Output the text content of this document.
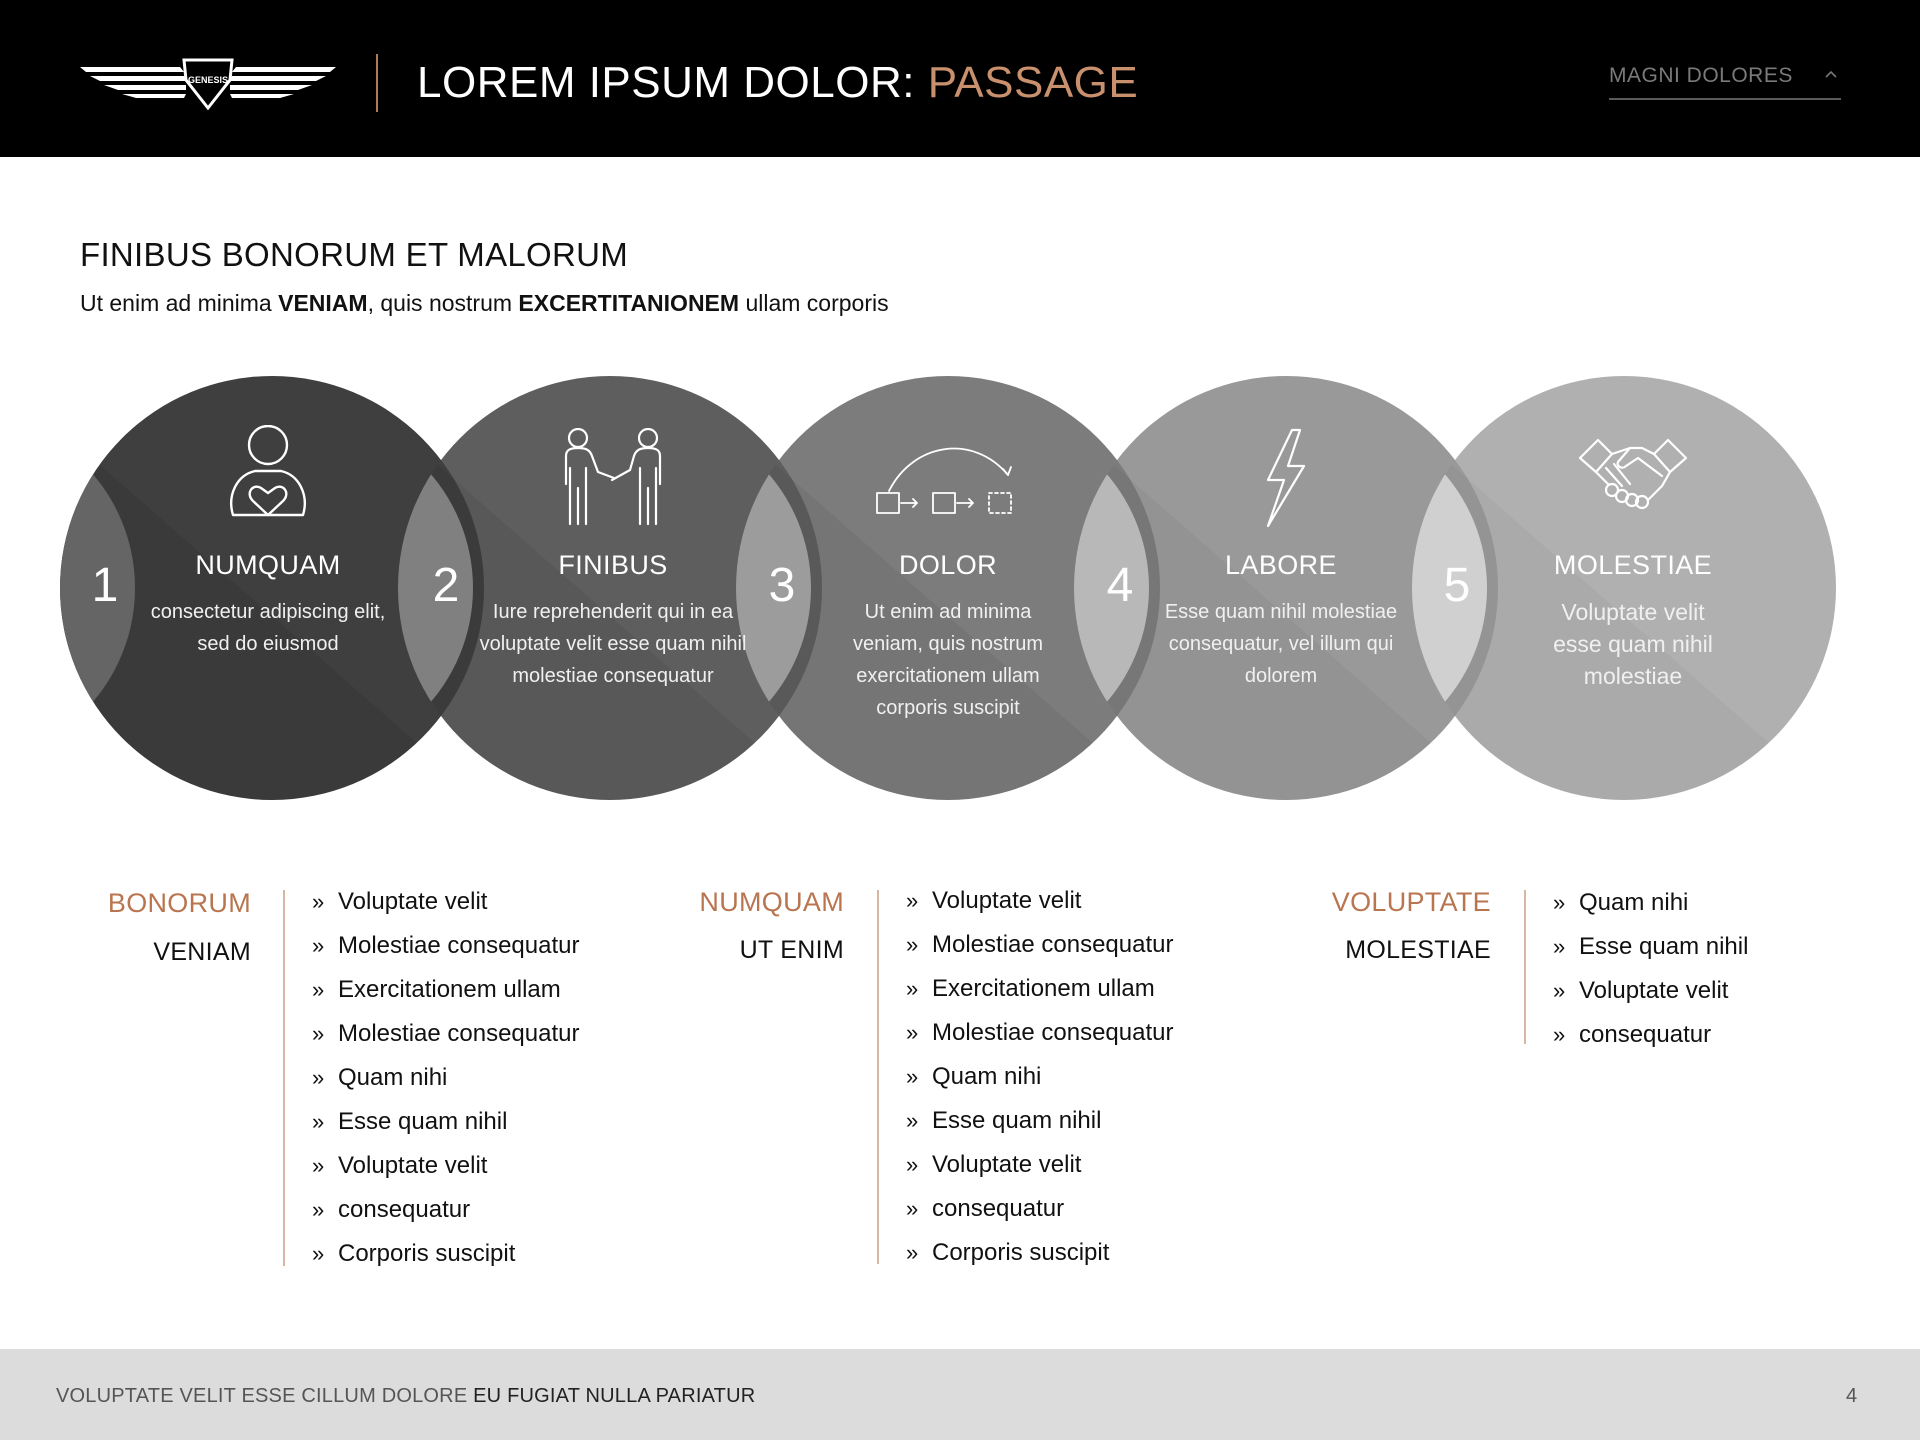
GENESIS	LOREM IPSUM DOLOR: PASSAGE	MAGNI DOLORES
FINIBUS BONORUM ET MALORUM
Ut enim ad minima VENIAM, quis nostrum EXCERTITANIONEM ullam corporis
1	2	3	4	5
NUMQUAM
consectetur adipiscing elit, sed do eiusmod
FINIBUS
Iure reprehenderit qui in ea voluptate velit esse quam nihil molestiae consequatur
DOLOR
Ut enim ad minima veniam, quis nostrum exercitationem ullam corporis suscipit
LABORE
Esse quam nihil molestiae consequatur, vel illum qui dolorem
MOLESTIAE
Voluptate velit esse quam nihil molestiae
BONORUM
VENIAM
» Voluptate velit
» Molestiae consequatur
» Exercitationem ullam
» Molestiae consequatur
» Quam nihi
» Esse quam nihil
» Voluptate velit
» consequatur
» Corporis suscipit
NUMQUAM
UT ENIM
» Voluptate velit
» Molestiae consequatur
» Exercitationem ullam
» Molestiae consequatur
» Quam nihi
» Esse quam nihil
» Voluptate velit
» consequatur
» Corporis suscipit
VOLUPTATE
MOLESTIAE
» Quam nihi
» Esse quam nihil
» Voluptate velit
» consequatur
VOLUPTATE VELIT ESSE CILLUM DOLORE EU FUGIAT NULLA PARIATUR	4
